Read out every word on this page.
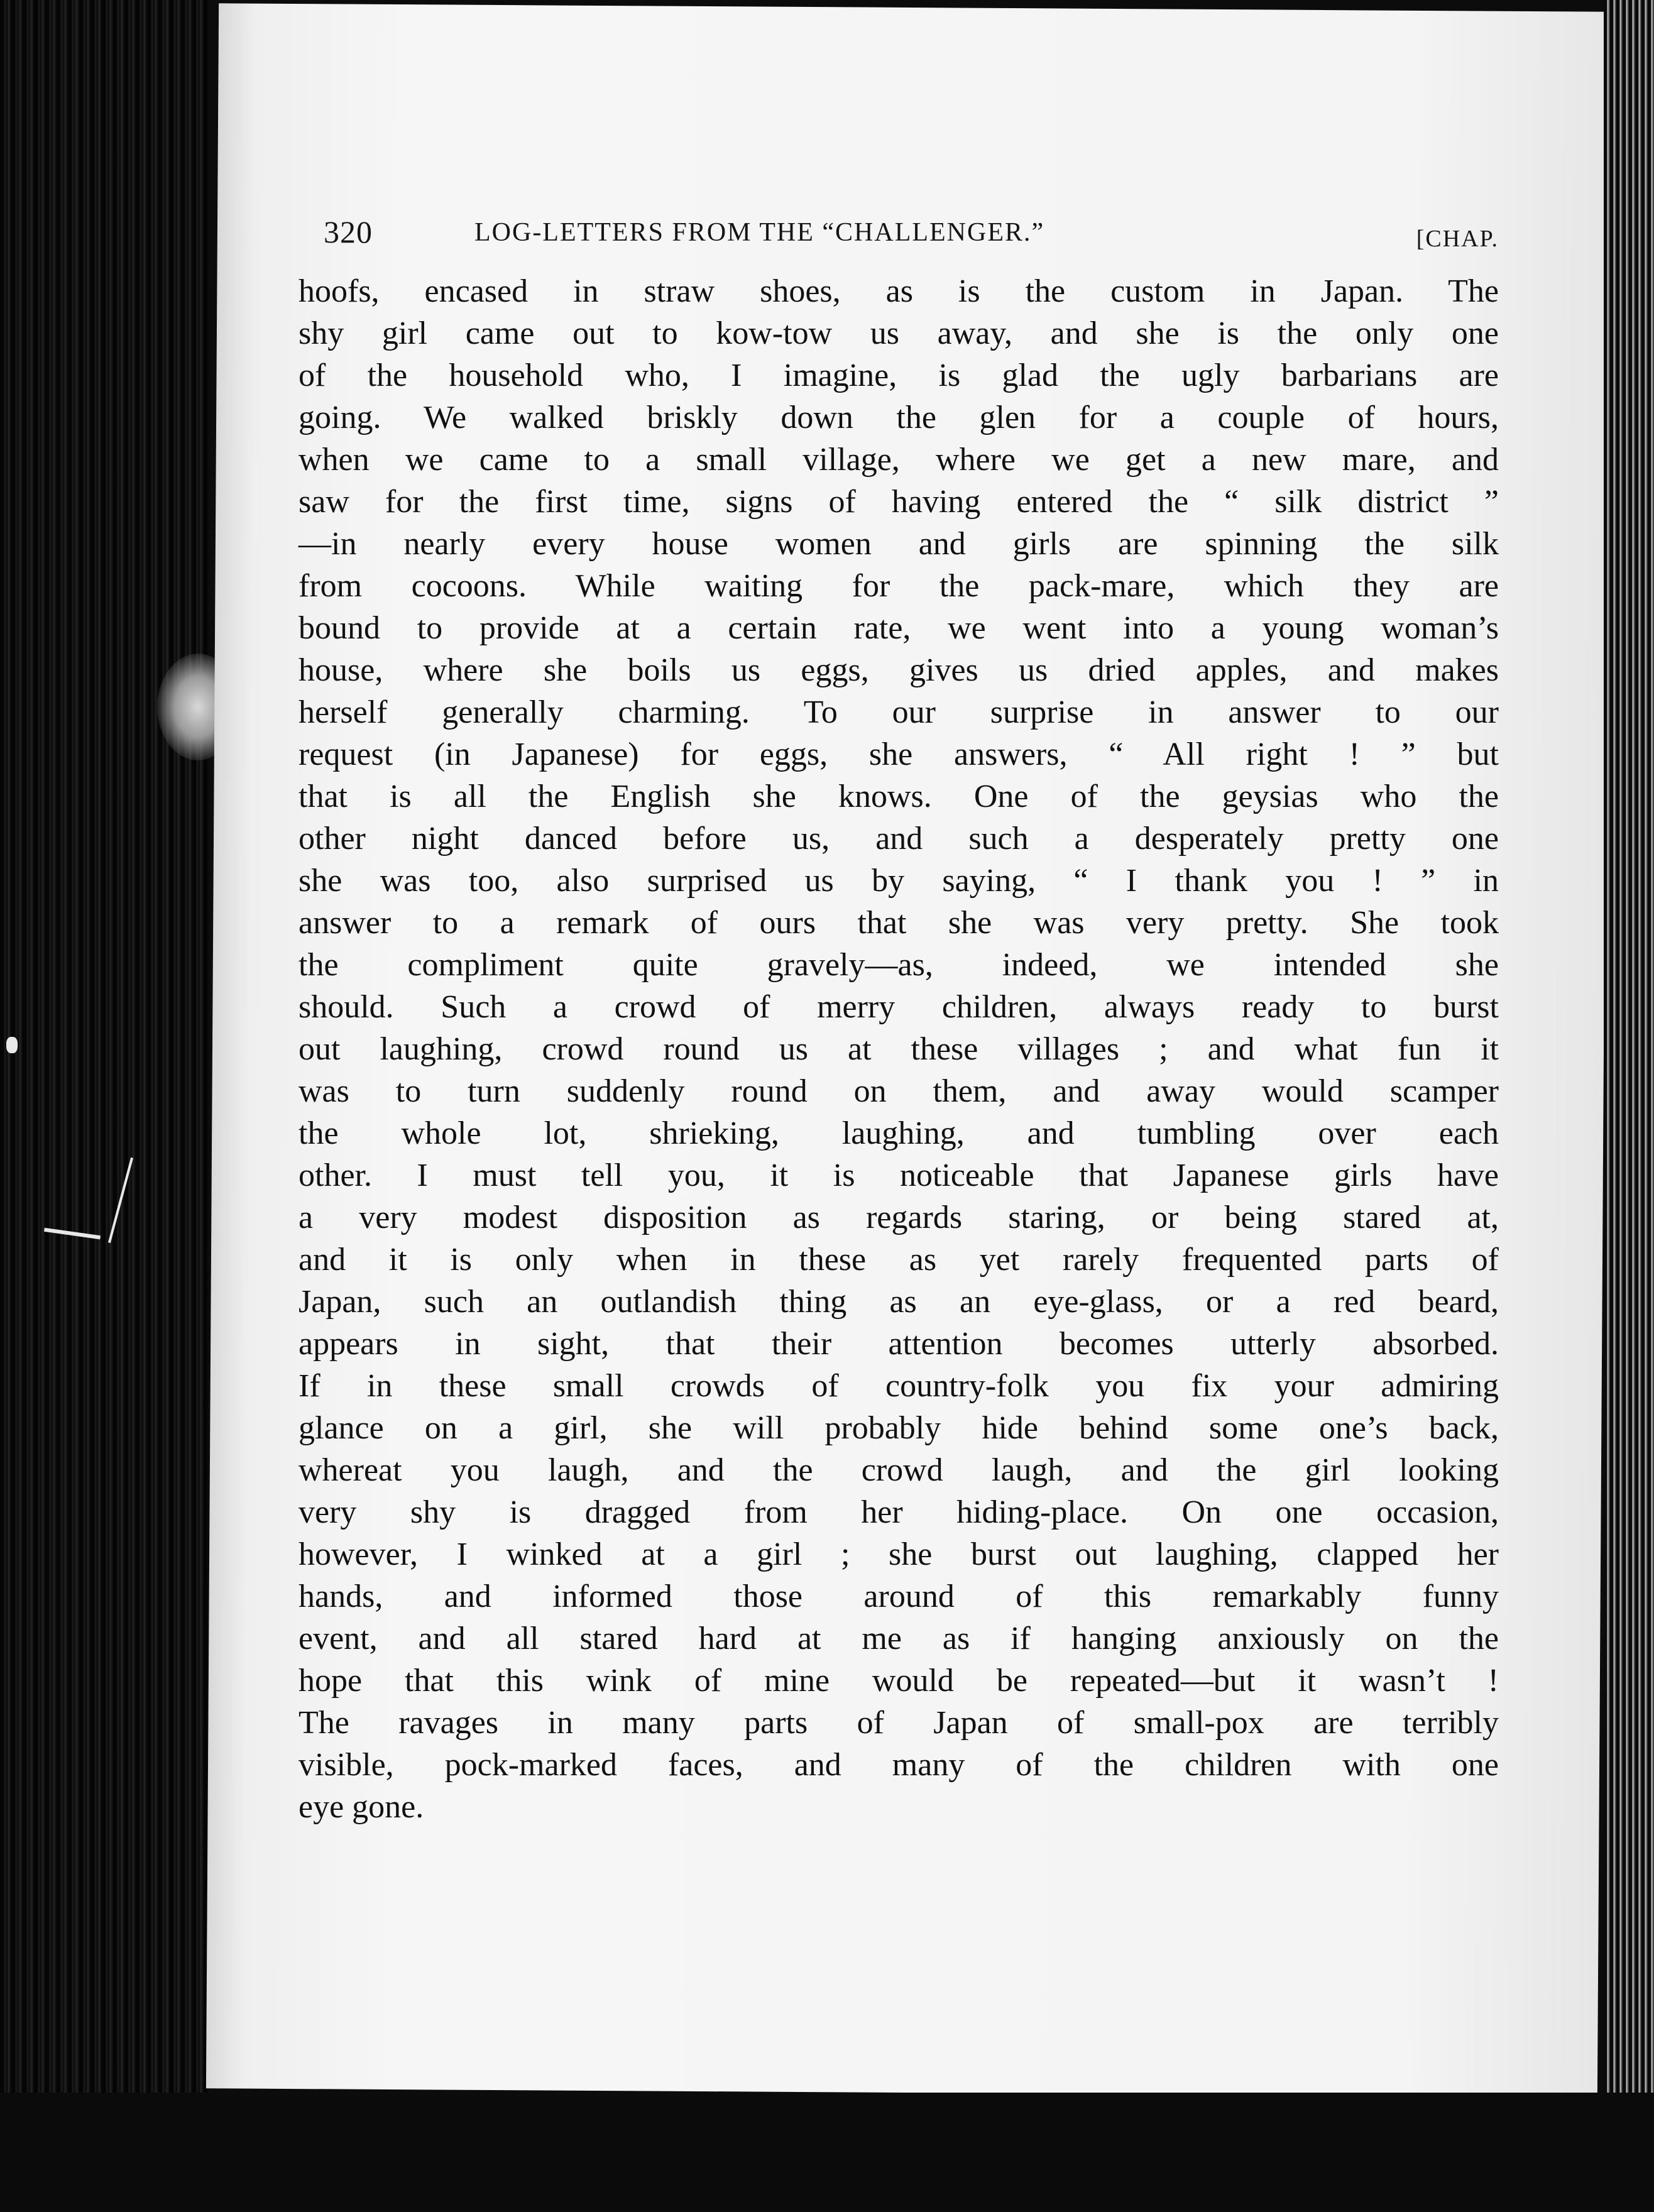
320	LOG-LETTERS FROM THE “CHALLENGER.”	[CHAP.
hoofs, encased in straw shoes, as is the custom in Japan. The
shy girl came out to kow-tow us away, and she is the only one
of the household who, I imagine, is glad the ugly barbarians are
going. We walked briskly down the glen for a couple of hours,
when we came to a small village, where we get a new mare, and
saw for the first time, signs of having entered the “ silk district ”
—in nearly every house women and girls are spinning the silk
from cocoons. While waiting for the pack-mare, which they are
bound to provide at a certain rate, we went into a young woman’s
house, where she boils us eggs, gives us dried apples, and makes
herself generally charming. To our surprise in answer to our
request (in Japanese) for eggs, she answers, “ All right ! ” but
that is all the English she knows. One of the geysias who the
other night danced before us, and such a desperately pretty one
she was too, also surprised us by saying, “ I thank you ! ” in
answer to a remark of ours that she was very pretty. She took
the compliment quite gravely—as, indeed, we intended she
should. Such a crowd of merry children, always ready to burst
out laughing, crowd round us at these villages ; and what fun it
was to turn suddenly round on them, and away would scamper
the whole lot, shrieking, laughing, and tumbling over each
other. I must tell you, it is noticeable that Japanese girls have
a very modest disposition as regards staring, or being stared at,
and it is only when in these as yet rarely frequented parts of
Japan, such an outlandish thing as an eye-glass, or a red beard,
appears in sight, that their attention becomes utterly absorbed.
If in these small crowds of country-folk you fix your admiring
glance on a girl, she will probably hide behind some one’s back,
whereat you laugh, and the crowd laugh, and the girl looking
very shy is dragged from her hiding-place. On one occasion,
however, I winked at a girl ; she burst out laughing, clapped her
hands, and informed those around of this remarkably funny
event, and all stared hard at me as if hanging anxiously on the
hope that this wink of mine would be repeated—but it wasn’t !
The ravages in many parts of Japan of small-pox are terribly
visible, pock-marked faces, and many of the children with one
eye gone.
